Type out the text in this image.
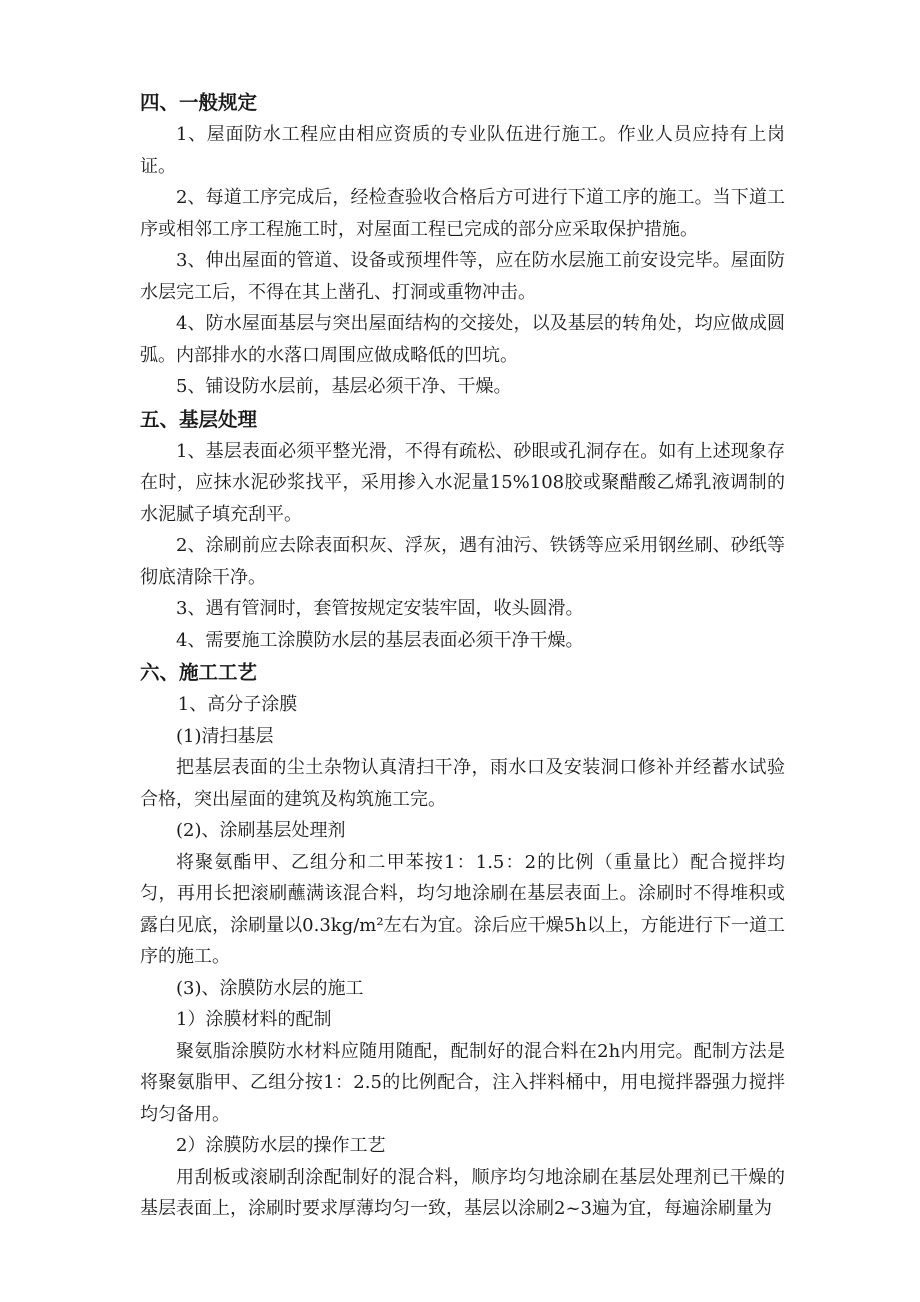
四、一般规定
1、屋面防水工程应由相应资质的专业队伍进行施工。作业人员应持有上岗证。
2、每道工序完成后，经检查验收合格后方可进行下道工序的施工。当下道工序或相邻工序工程施工时，对屋面工程已完成的部分应采取保护措施。
3、伸出屋面的管道、设备或预埋件等，应在防水层施工前安设完毕。屋面防水层完工后，不得在其上凿孔、打洞或重物冲击。
4、防水屋面基层与突出屋面结构的交接处，以及基层的转角处，均应做成圆弧。内部排水的水落口周围应做成略低的凹坑。
5、铺设防水层前，基层必须干净、干燥。
五、基层处理
1、基层表面必须平整光滑，不得有疏松、砂眼或孔洞存在。如有上述现象存在时，应抹水泥砂浆找平，采用掺入水泥量15%108胶或聚醋酸乙烯乳液调制的水泥腻子填充刮平。
2、涂刷前应去除表面积灰、浮灰，遇有油污、铁锈等应采用钢丝刷、砂纸等彻底清除干净。
3、遇有管洞时，套管按规定安装牢固，收头圆滑。
4、需要施工涂膜防水层的基层表面必须干净干燥。
六、施工工艺
1、高分子涂膜
(1)清扫基层
把基层表面的尘土杂物认真清扫干净，雨水口及安装洞口修补并经蓄水试验合格，突出屋面的建筑及构筑施工完。
(2)、涂刷基层处理剂
将聚氨酯甲、乙组分和二甲苯按1：1.5：2的比例（重量比）配合搅拌均匀，再用长把滚刷蘸满该混合料，均匀地涂刷在基层表面上。涂刷时不得堆积或露白见底，涂刷量以0.3kg/m²左右为宜。涂后应干燥5h以上，方能进行下一道工序的施工。
(3)、涂膜防水层的施工
1）涂膜材料的配制
聚氨脂涂膜防水材料应随用随配，配制好的混合料在2h内用完。配制方法是将聚氨脂甲、乙组分按1：2.5的比例配合，注入拌料桶中，用电搅拌器强力搅拌均匀备用。
2）涂膜防水层的操作工艺
用刮板或滚刷刮涂配制好的混合料，顺序均匀地涂刷在基层处理剂已干燥的基层表面上，涂刷时要求厚薄均匀一致，基层以涂刷2~3遍为宜，每遍涂刷量为
